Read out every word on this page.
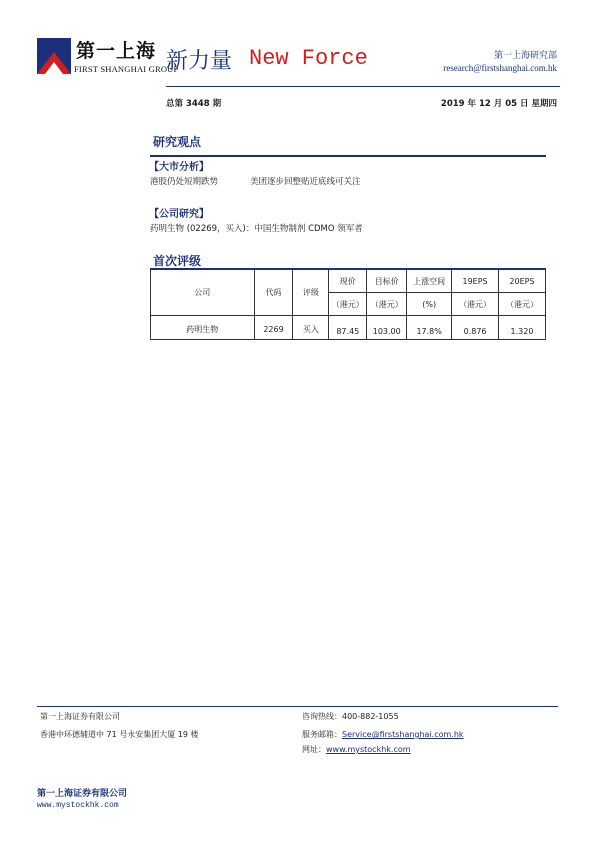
第一上海
FIRST SHANGHAI GROUP
新力量 New Force	第一上海研究部
research@firstshanghai.com.hk
总第 3448 期	2019 年 12 月 05 日 星期四
研究观点
【大市分析】
港股仍处短期跌势	美团逐步回整贴近底线可关注
【公司研究】
药明生物 (02269，买入)：中国生物制剂 CDMO 领军者
首次评级
公司	代码	评级	现价	目标价	上涨空间	19EPS	20EPS
			（港元）	（港元）	(%)	（港元）	（港元）

药明生物	2269	买入	87.45	103.00	17.8%	0.876	1.320
第一上海证券有限公司
香港中环德辅道中 71 号永安集团大厦 19 楼
咨询热线：400-882-1055
服务邮箱：Service@firstshanghai.com.hk
网址：www.mystockhk.com
第一上海证券有限公司
www.mystockhk.com
